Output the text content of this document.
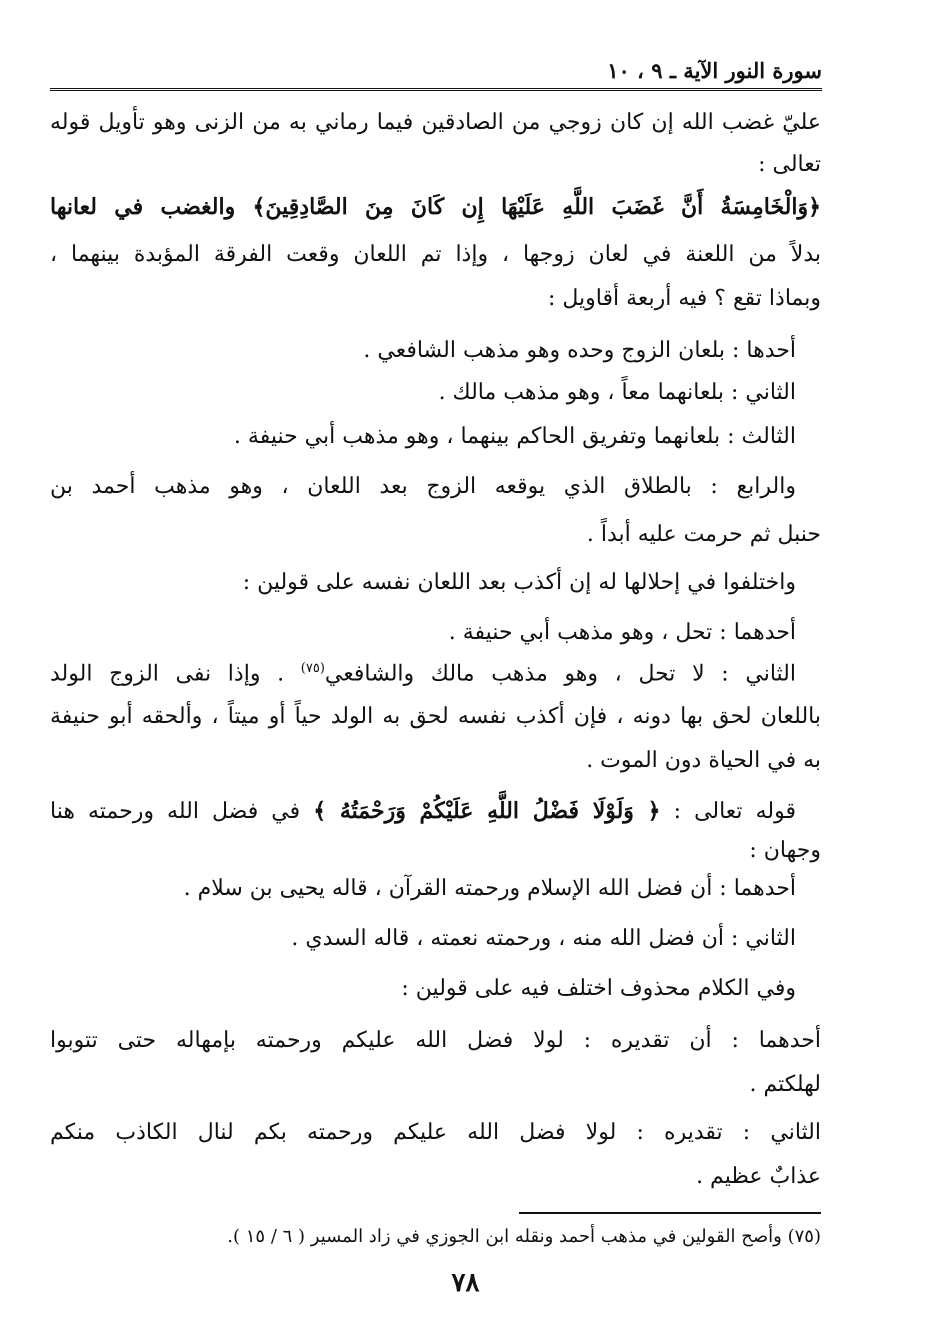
سورة النور الآية ـ ٩ ، ١٠
عليّ غضب الله إن كان زوجي من الصادقين فيما رماني به من الزنى وهو تأويل قوله
تعالى :
﴿وَالْخَامِسَةُ أَنَّ غَضَبَ اللَّهِ عَلَيْهَا إِن كَانَ مِنَ الصَّادِقِينَ﴾ والغضب في لعانها
بدلاً من اللعنة في لعان زوجها ، وإذا تم اللعان وقعت الفرقة المؤبدة بينهما ،
وبماذا تقع ؟ فيه أربعة أقاويل :
أحدها : بلعان الزوج وحده وهو مذهب الشافعي .
الثاني : بلعانهما معاً ، وهو مذهب مالك .
الثالث : بلعانهما وتفريق الحاكم بينهما ، وهو مذهب أبي حنيفة .
والرابع : بالطلاق الذي يوقعه الزوج بعد اللعان ، وهو مذهب أحمد بن
حنبل ثم حرمت عليه أبداً .
واختلفوا في إحلالها له إن أكذب بعد اللعان نفسه على قولين :
أحدهما : تحل ، وهو مذهب أبي حنيفة .
الثاني : لا تحل ، وهو مذهب مالك والشافعي$^{(٧٥)}$ . وإذا نفى الزوج الولد
باللعان لحق بها دونه ، فإن أكذب نفسه لحق به الولد حياً أو ميتاً ، وألحقه أبو حنيفة
به في الحياة دون الموت .
قوله تعالى : ﴿ وَلَوْلَا فَضْلُ اللَّهِ عَلَيْكُمْ وَرَحْمَتُهُ ﴾ في فضل الله ورحمته هنا
وجهان :
أحدهما : أن فضل الله الإسلام ورحمته القرآن ، قاله يحيى بن سلام .
الثاني : أن فضل الله منه ، ورحمته نعمته ، قاله السدي .
وفي الكلام محذوف اختلف فيه على قولين :
أحدهما : أن تقديره : لولا فضل الله عليكم ورحمته بإمهاله حتى تتوبوا
لهلكتم .
الثاني : تقديره : لولا فضل الله عليكم ورحمته بكم لنال الكاذب منكم
عذابٌ عظيم .
(٧٥) وأصح القولين في مذهب أحمد ونقله ابن الجوزي في زاد المسير ( ٦ / ١٥ ).
٧٨
